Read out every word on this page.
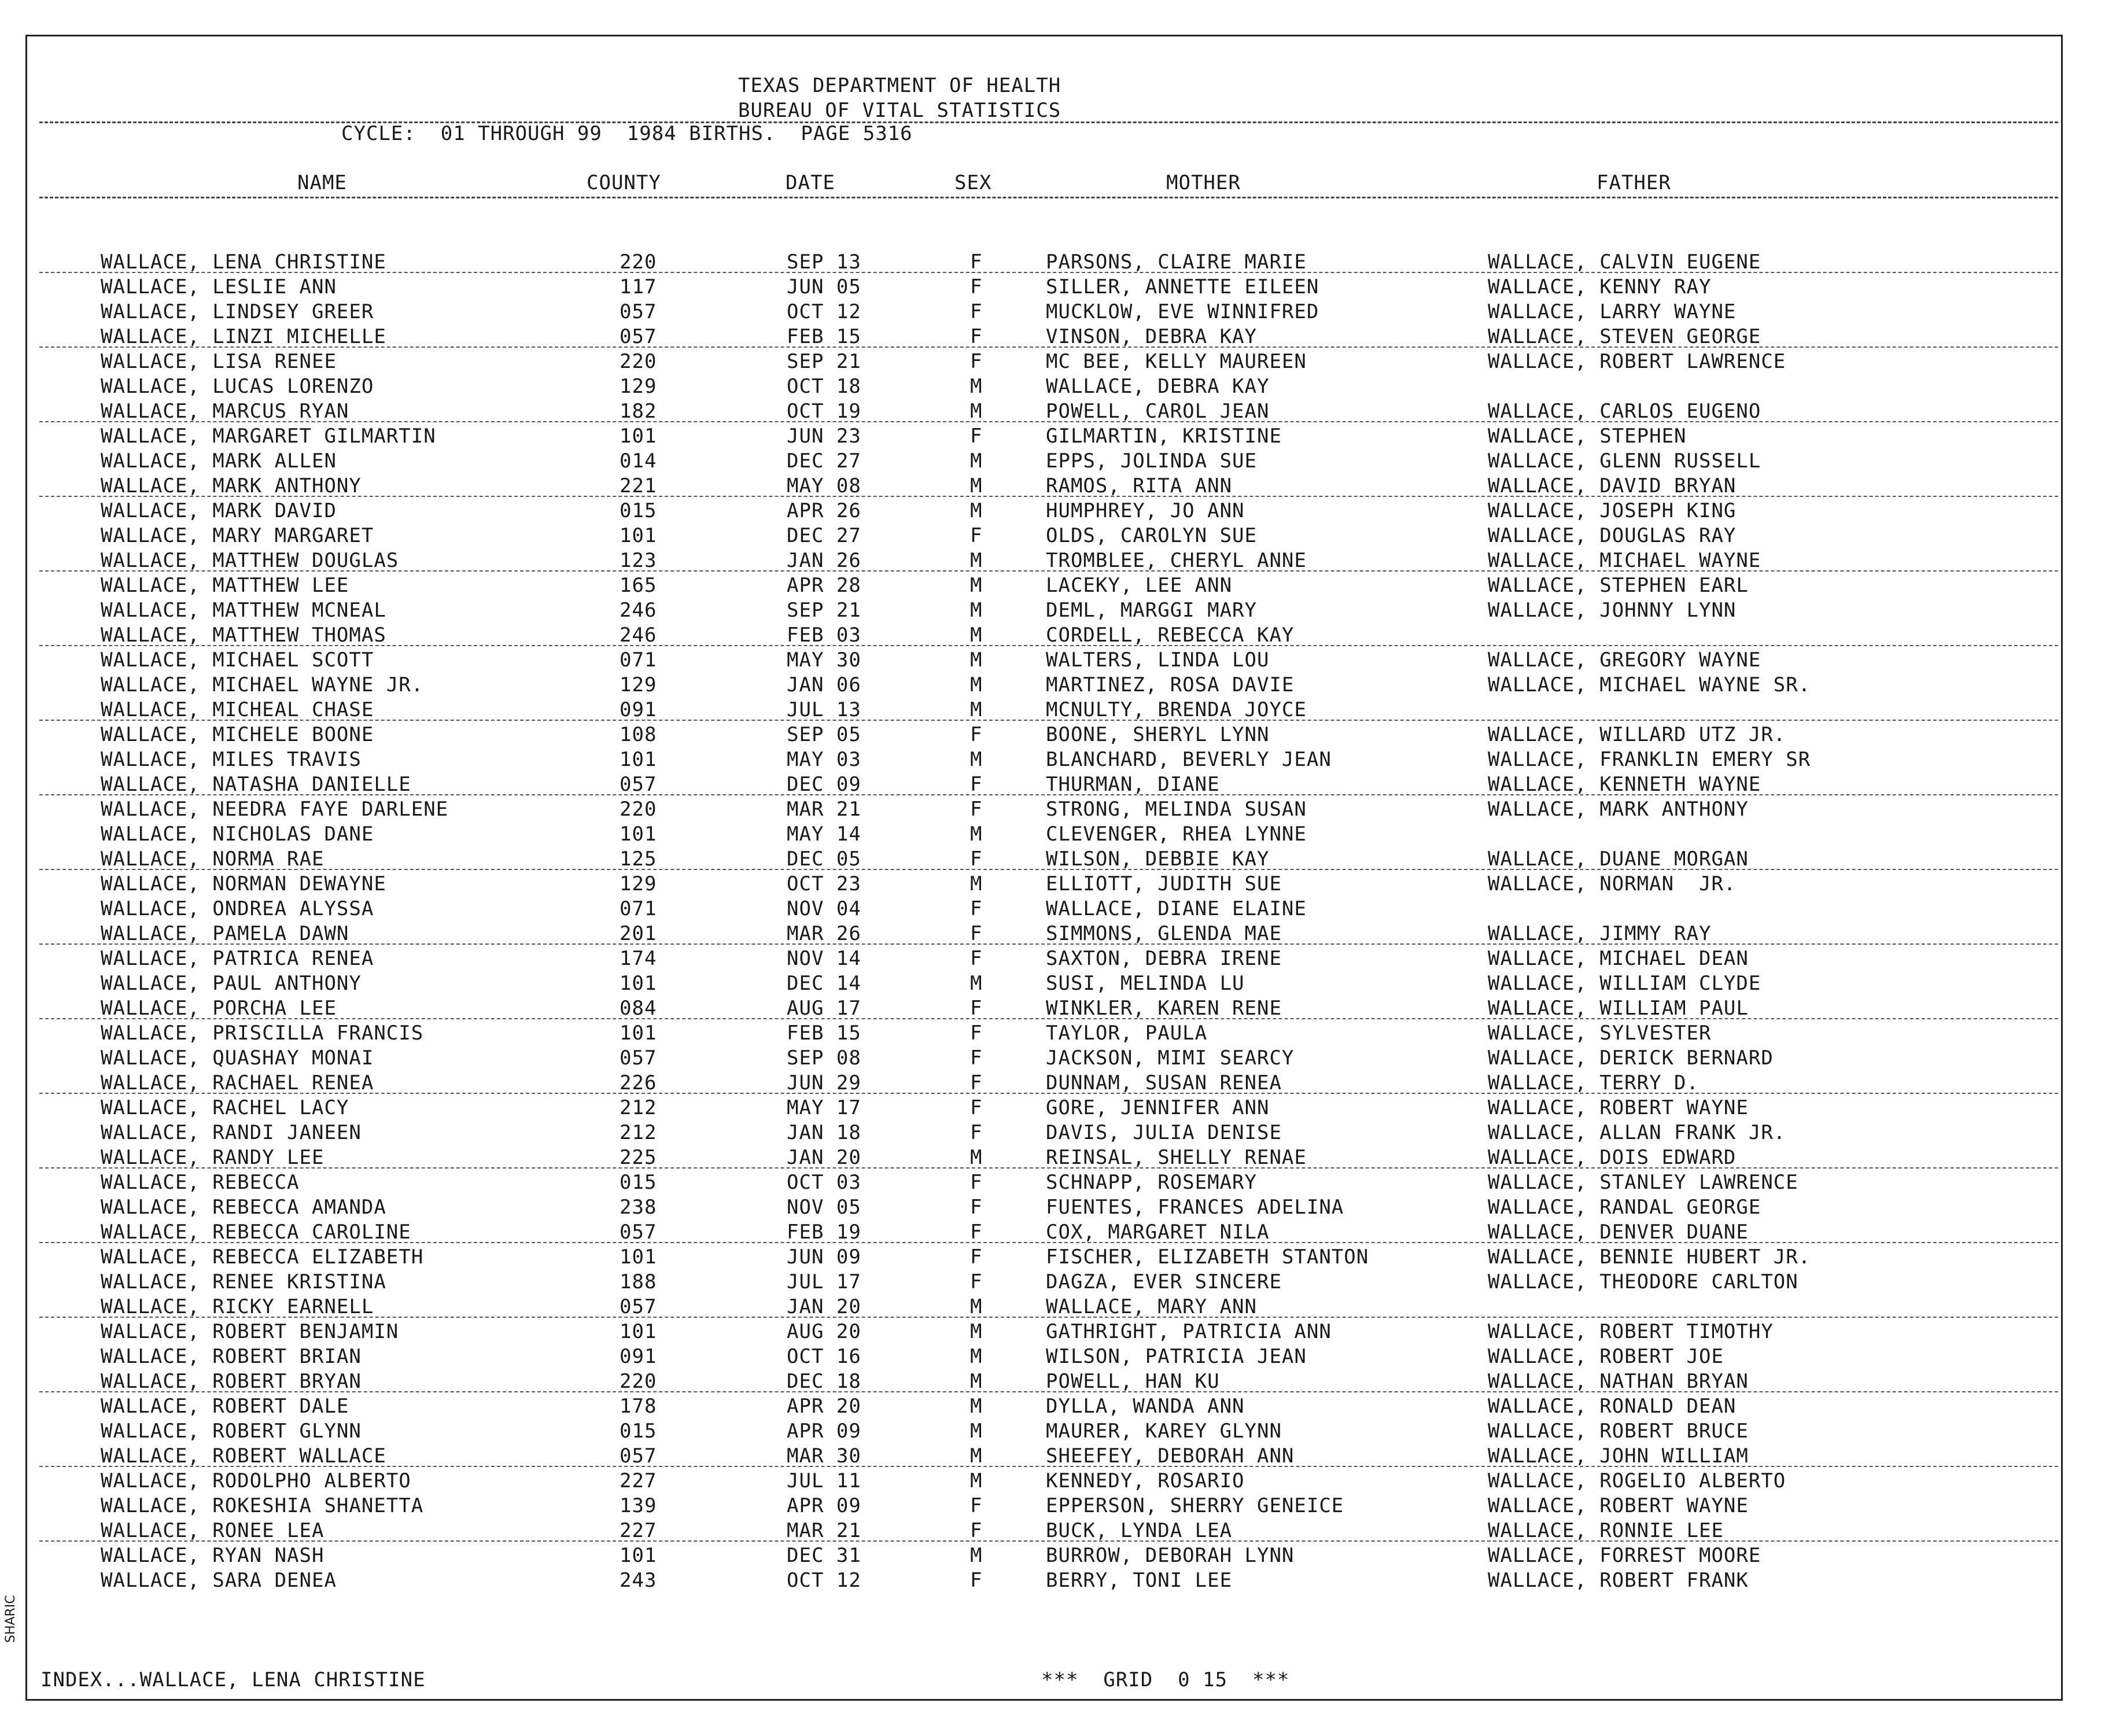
TEXAS DEPARTMENT OF HEALTH
BUREAU OF VITAL STATISTICS
CYCLE:  01 THROUGH 99  1984 BIRTHS.  PAGE 5316
NAME	COUNTY	DATE	SEX	MOTHER	FATHER
WALLACE, LENA CHRISTINE	220	SEP 13	F	PARSONS, CLAIRE MARIE	WALLACE, CALVIN EUGENE
WALLACE, LESLIE ANN	117	JUN 05	F	SILLER, ANNETTE EILEEN	WALLACE, KENNY RAY
WALLACE, LINDSEY GREER	057	OCT 12	F	MUCKLOW, EVE WINNIFRED	WALLACE, LARRY WAYNE
WALLACE, LINZI MICHELLE	057	FEB 15	F	VINSON, DEBRA KAY	WALLACE, STEVEN GEORGE
WALLACE, LISA RENEE	220	SEP 21	F	MC BEE, KELLY MAUREEN	WALLACE, ROBERT LAWRENCE
WALLACE, LUCAS LORENZO	129	OCT 18	M	WALLACE, DEBRA KAY
WALLACE, MARCUS RYAN	182	OCT 19	M	POWELL, CAROL JEAN	WALLACE, CARLOS EUGENO
WALLACE, MARGARET GILMARTIN	101	JUN 23	F	GILMARTIN, KRISTINE	WALLACE, STEPHEN
WALLACE, MARK ALLEN	014	DEC 27	M	EPPS, JOLINDA SUE	WALLACE, GLENN RUSSELL
WALLACE, MARK ANTHONY	221	MAY 08	M	RAMOS, RITA ANN	WALLACE, DAVID BRYAN
WALLACE, MARK DAVID	015	APR 26	M	HUMPHREY, JO ANN	WALLACE, JOSEPH KING
WALLACE, MARY MARGARET	101	DEC 27	F	OLDS, CAROLYN SUE	WALLACE, DOUGLAS RAY
WALLACE, MATTHEW DOUGLAS	123	JAN 26	M	TROMBLEE, CHERYL ANNE	WALLACE, MICHAEL WAYNE
WALLACE, MATTHEW LEE	165	APR 28	M	LACEKY, LEE ANN	WALLACE, STEPHEN EARL
WALLACE, MATTHEW MCNEAL	246	SEP 21	M	DEML, MARGGI MARY	WALLACE, JOHNNY LYNN
WALLACE, MATTHEW THOMAS	246	FEB 03	M	CORDELL, REBECCA KAY
WALLACE, MICHAEL SCOTT	071	MAY 30	M	WALTERS, LINDA LOU	WALLACE, GREGORY WAYNE
WALLACE, MICHAEL WAYNE JR.	129	JAN 06	M	MARTINEZ, ROSA DAVIE	WALLACE, MICHAEL WAYNE SR.
WALLACE, MICHEAL CHASE	091	JUL 13	M	MCNULTY, BRENDA JOYCE
WALLACE, MICHELE BOONE	108	SEP 05	F	BOONE, SHERYL LYNN	WALLACE, WILLARD UTZ JR.
WALLACE, MILES TRAVIS	101	MAY 03	M	BLANCHARD, BEVERLY JEAN	WALLACE, FRANKLIN EMERY SR
WALLACE, NATASHA DANIELLE	057	DEC 09	F	THURMAN, DIANE	WALLACE, KENNETH WAYNE
WALLACE, NEEDRA FAYE DARLENE	220	MAR 21	F	STRONG, MELINDA SUSAN	WALLACE, MARK ANTHONY
WALLACE, NICHOLAS DANE	101	MAY 14	M	CLEVENGER, RHEA LYNNE
WALLACE, NORMA RAE	125	DEC 05	F	WILSON, DEBBIE KAY	WALLACE, DUANE MORGAN
WALLACE, NORMAN DEWAYNE	129	OCT 23	M	ELLIOTT, JUDITH SUE	WALLACE, NORMAN  JR.
WALLACE, ONDREA ALYSSA	071	NOV 04	F	WALLACE, DIANE ELAINE
WALLACE, PAMELA DAWN	201	MAR 26	F	SIMMONS, GLENDA MAE	WALLACE, JIMMY RAY
WALLACE, PATRICA RENEA	174	NOV 14	F	SAXTON, DEBRA IRENE	WALLACE, MICHAEL DEAN
WALLACE, PAUL ANTHONY	101	DEC 14	M	SUSI, MELINDA LU	WALLACE, WILLIAM CLYDE
WALLACE, PORCHA LEE	084	AUG 17	F	WINKLER, KAREN RENE	WALLACE, WILLIAM PAUL
WALLACE, PRISCILLA FRANCIS	101	FEB 15	F	TAYLOR, PAULA	WALLACE, SYLVESTER
WALLACE, QUASHAY MONAI	057	SEP 08	F	JACKSON, MIMI SEARCY	WALLACE, DERICK BERNARD
WALLACE, RACHAEL RENEA	226	JUN 29	F	DUNNAM, SUSAN RENEA	WALLACE, TERRY D.
WALLACE, RACHEL LACY	212	MAY 17	F	GORE, JENNIFER ANN	WALLACE, ROBERT WAYNE
WALLACE, RANDI JANEEN	212	JAN 18	F	DAVIS, JULIA DENISE	WALLACE, ALLAN FRANK JR.
WALLACE, RANDY LEE	225	JAN 20	M	REINSAL, SHELLY RENAE	WALLACE, DOIS EDWARD
WALLACE, REBECCA	015	OCT 03	F	SCHNAPP, ROSEMARY	WALLACE, STANLEY LAWRENCE
WALLACE, REBECCA AMANDA	238	NOV 05	F	FUENTES, FRANCES ADELINA	WALLACE, RANDAL GEORGE
WALLACE, REBECCA CAROLINE	057	FEB 19	F	COX, MARGARET NILA	WALLACE, DENVER DUANE
WALLACE, REBECCA ELIZABETH	101	JUN 09	F	FISCHER, ELIZABETH STANTON	WALLACE, BENNIE HUBERT JR.
WALLACE, RENEE KRISTINA	188	JUL 17	F	DAGZA, EVER SINCERE	WALLACE, THEODORE CARLTON
WALLACE, RICKY EARNELL	057	JAN 20	M	WALLACE, MARY ANN
WALLACE, ROBERT BENJAMIN	101	AUG 20	M	GATHRIGHT, PATRICIA ANN	WALLACE, ROBERT TIMOTHY
WALLACE, ROBERT BRIAN	091	OCT 16	M	WILSON, PATRICIA JEAN	WALLACE, ROBERT JOE
WALLACE, ROBERT BRYAN	220	DEC 18	M	POWELL, HAN KU	WALLACE, NATHAN BRYAN
WALLACE, ROBERT DALE	178	APR 20	M	DYLLA, WANDA ANN	WALLACE, RONALD DEAN
WALLACE, ROBERT GLYNN	015	APR 09	M	MAURER, KAREY GLYNN	WALLACE, ROBERT BRUCE
WALLACE, ROBERT WALLACE	057	MAR 30	M	SHEEFEY, DEBORAH ANN	WALLACE, JOHN WILLIAM
WALLACE, RODOLPHO ALBERTO	227	JUL 11	M	KENNEDY, ROSARIO	WALLACE, ROGELIO ALBERTO
WALLACE, ROKESHIA SHANETTA	139	APR 09	F	EPPERSON, SHERRY GENEICE	WALLACE, ROBERT WAYNE
WALLACE, RONEE LEA	227	MAR 21	F	BUCK, LYNDA LEA	WALLACE, RONNIE LEE
WALLACE, RYAN NASH	101	DEC 31	M	BURROW, DEBORAH LYNN	WALLACE, FORREST MOORE
WALLACE, SARA DENEA	243	OCT 12	F	BERRY, TONI LEE	WALLACE, ROBERT FRANK
INDEX...WALLACE, LENA CHRISTINE	***  GRID  0 15  ***
SHARIC
